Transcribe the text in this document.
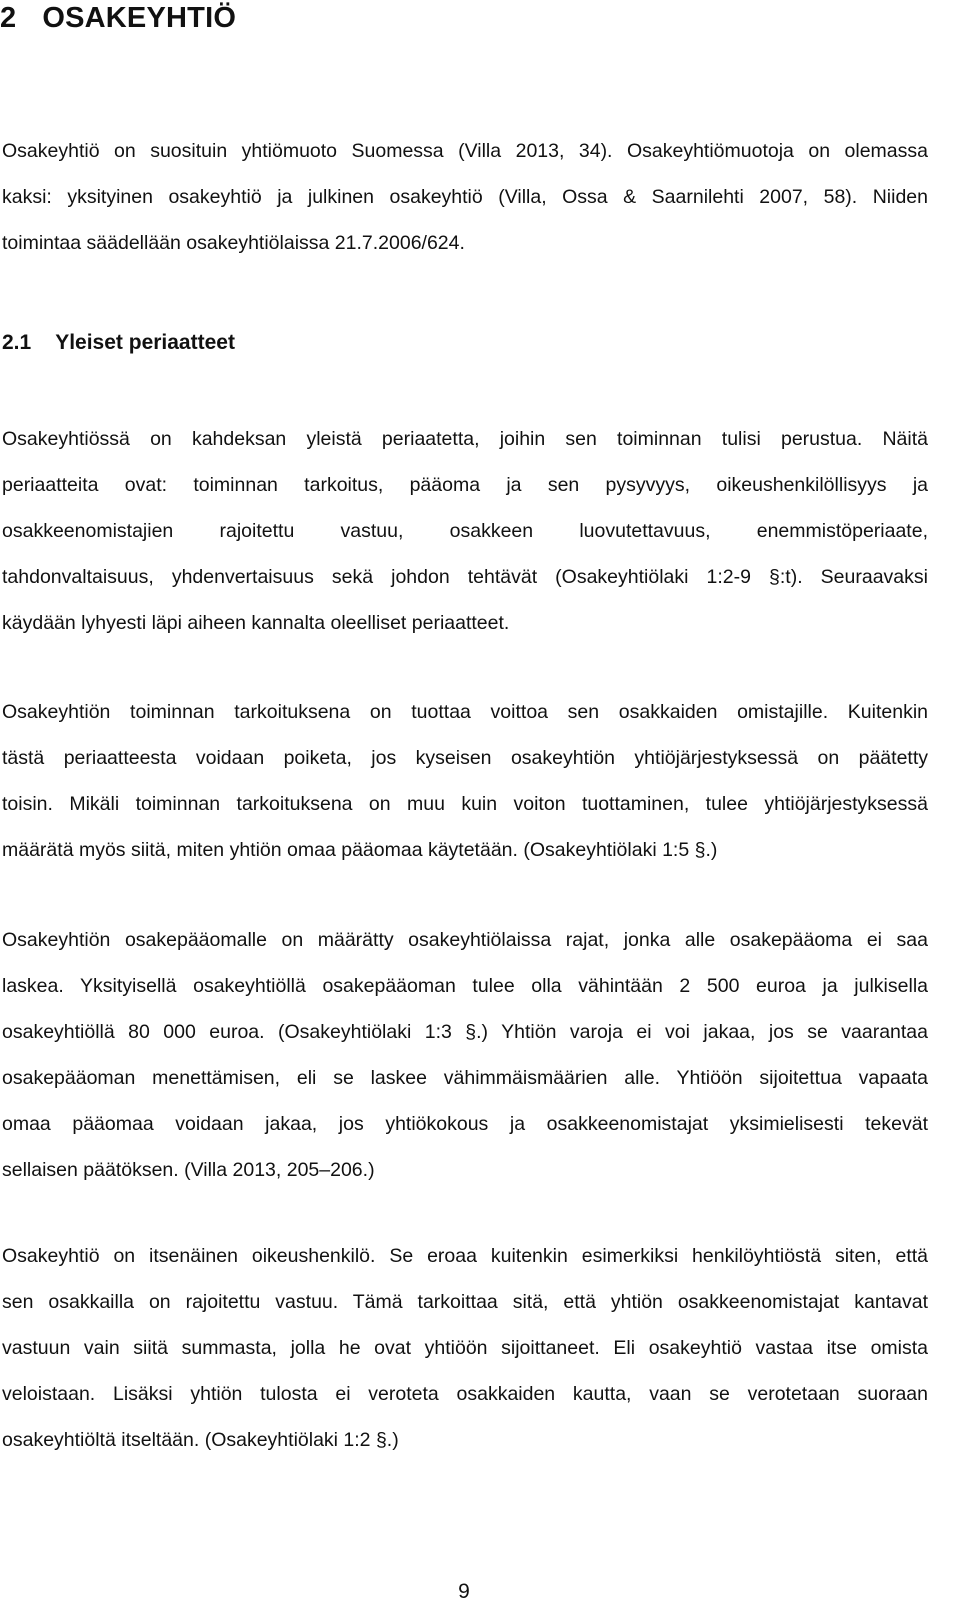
2 OSAKEYHTIÖ

Osakeyhtiö on suosituin yhtiömuoto Suomessa (Villa 2013, 34). Osakeyhtiömuotoja on olemassa
kaksi: yksityinen osakeyhtiö ja julkinen osakeyhtiö (Villa, Ossa & Saarnilehti 2007, 58). Niiden
toimintaa säädellään osakeyhtiölaissa 21.7.2006/624.

2.1 Yleiset periaatteet

Osakeyhtiössä on kahdeksan yleistä periaatetta, joihin sen toiminnan tulisi perustua. Näitä
periaatteita ovat: toiminnan tarkoitus, pääoma ja sen pysyvyys, oikeushenkilöllisyys ja
osakkeenomistajien rajoitettu vastuu, osakkeen luovutettavuus, enemmistöperiaate,
tahdonvaltaisuus, yhdenvertaisuus sekä johdon tehtävät (Osakeyhtiölaki 1:2-9 §:t). Seuraavaksi
käydään lyhyesti läpi aiheen kannalta oleelliset periaatteet.

Osakeyhtiön toiminnan tarkoituksena on tuottaa voittoa sen osakkaiden omistajille. Kuitenkin
tästä periaatteesta voidaan poiketa, jos kyseisen osakeyhtiön yhtiöjärjestyksessä on päätetty
toisin. Mikäli toiminnan tarkoituksena on muu kuin voiton tuottaminen, tulee yhtiöjärjestyksessä
määrätä myös siitä, miten yhtiön omaa pääomaa käytetään. (Osakeyhtiölaki 1:5 §.)

Osakeyhtiön osakepääomalle on määrätty osakeyhtiölaissa rajat, jonka alle osakepääoma ei saa
laskea. Yksityisellä osakeyhtiöllä osakepääoman tulee olla vähintään 2 500 euroa ja julkisella
osakeyhtiöllä 80 000 euroa. (Osakeyhtiölaki 1:3 §.) Yhtiön varoja ei voi jakaa, jos se vaarantaa
osakepääoman menettämisen, eli se laskee vähimmäismäärien alle. Yhtiöön sijoitettua vapaata
omaa pääomaa voidaan jakaa, jos yhtiökokous ja osakkeenomistajat yksimielisesti tekevät
sellaisen päätöksen. (Villa 2013, 205–206.)

Osakeyhtiö on itsenäinen oikeushenkilö. Se eroaa kuitenkin esimerkiksi henkilöyhtiöstä siten, että
sen osakkailla on rajoitettu vastuu. Tämä tarkoittaa sitä, että yhtiön osakkeenomistajat kantavat
vastuun vain siitä summasta, jolla he ovat yhtiöön sijoittaneet. Eli osakeyhtiö vastaa itse omista
veloistaan. Lisäksi yhtiön tulosta ei veroteta osakkaiden kautta, vaan se verotetaan suoraan
osakeyhtiöltä itseltään. (Osakeyhtiölaki 1:2 §.)

9
